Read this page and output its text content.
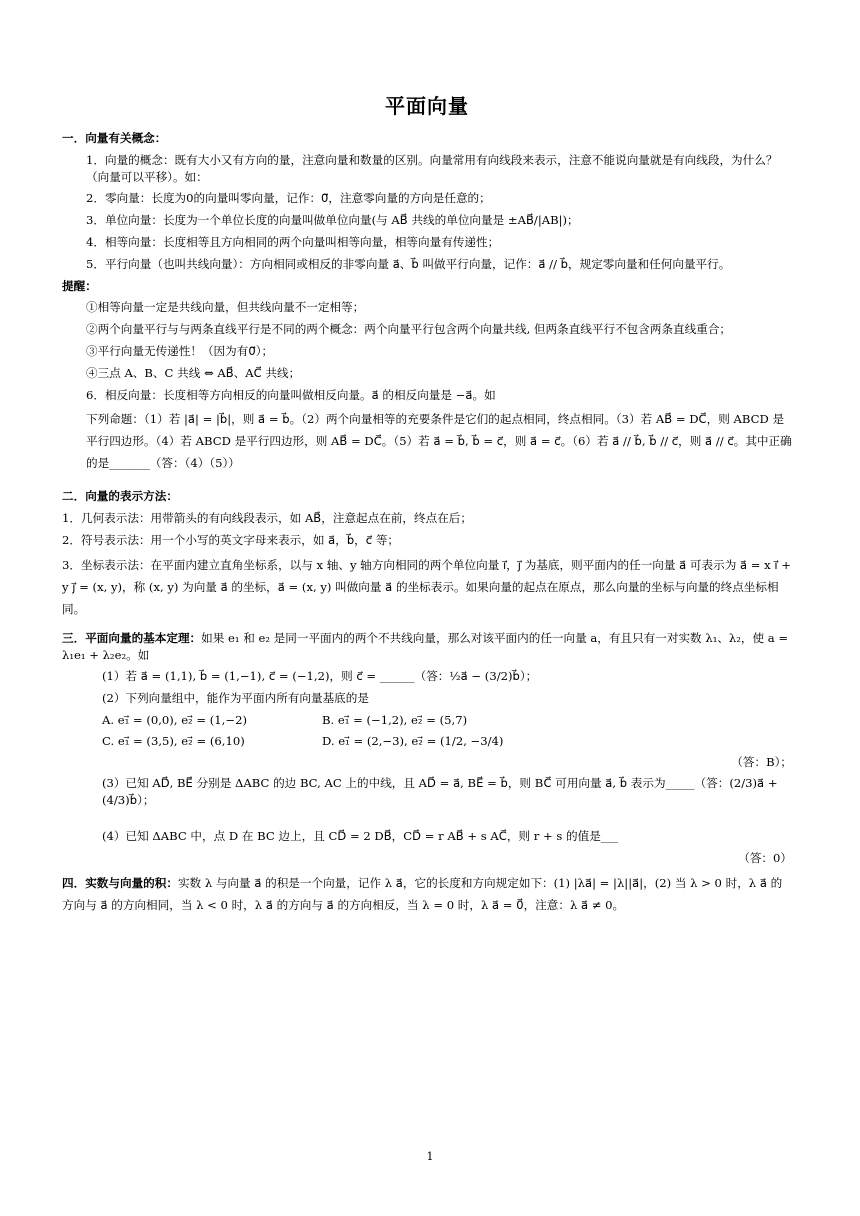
平面向量

一．向量有关概念：

1．向量的概念：既有大小又有方向的量，注意向量和数量的区别。向量常用有向线段来表示，注意不能说向量就是有向线段，为什么？（向量可以平移）。如：

2．零向量：长度为0的向量叫零向量，记作：0⃗，注意零向量的方向是任意的；

3．单位向量：长度为一个单位长度的向量叫做单位向量(与 AB⃗ 共线的单位向量是 ±AB⃗/|AB|)；

4．相等向量：长度相等且方向相同的两个向量叫相等向量，相等向量有传递性；

5．平行向量（也叫共线向量）：方向相同或相反的非零向量 a⃗、b⃗ 叫做平行向量，记作：a⃗ // b⃗，规定零向量和任何向量平行。

提醒：

①相等向量一定是共线向量，但共线向量不一定相等；

②两个向量平行与与两条直线平行是不同的两个概念：两个向量平行包含两个向量共线, 但两条直线平行不包含两条直线重合；

③平行向量无传递性！（因为有0⃗）；

④三点 A、B、C 共线 ⇔ AB⃗、AC⃗ 共线；

6．相反向量：长度相等方向相反的向量叫做相反向量。a⃗ 的相反向量是 −a⃗。如

下列命题：（1）若 |a⃗| = |b⃗|，则 a⃗ = b⃗。（2）两个向量相等的充要条件是它们的起点相同，终点相同。（3）若 AB⃗ = DC⃗，则 ABCD 是平行四边形。（4）若 ABCD 是平行四边形，则 AB⃗ = DC⃗。（5）若 a⃗ = b⃗, b⃗ = c⃗，则 a⃗ = c⃗。（6）若 a⃗ // b⃗, b⃗ // c⃗，则 a⃗ // c⃗。其中正确的是_______（答：（4）（5））

二．向量的表示方法：

1．几何表示法：用带箭头的有向线段表示，如 AB⃗，注意起点在前，终点在后；

2．符号表示法：用一个小写的英文字母来表示，如 a⃗，b⃗，c⃗ 等；

3．坐标表示法：在平面内建立直角坐标系，以与 x 轴、y 轴方向相同的两个单位向量 i⃗，j⃗ 为基底，则平面内的任一向量 a⃗ 可表示为 a⃗ = x i⃗ + y j⃗ = (x, y)，称 (x, y) 为向量 a⃗ 的坐标，a⃗ = (x, y) 叫做向量 a⃗ 的坐标表示。如果向量的起点在原点，那么向量的坐标与向量的终点坐标相同。

三．平面向量的基本定理：如果 e₁ 和 e₂ 是同一平面内的两个不共线向量，那么对该平面内的任一向量 a，有且只有一对实数 λ₁、λ₂，使 a = λ₁e₁ + λ₂e₂。如

(1）若 a⃗ = (1,1), b⃗ = (1,−1), c⃗ = (−1,2)，则 c⃗ = ______（答：½a⃗ − (3/2)b⃗）；

(2）下列向量组中，能作为平面内所有向量基底的是

A. e₁⃗ = (0,0), e₂⃗ = (1,−2)	B. e₁⃗ = (−1,2), e₂⃗ = (5,7)
C. e₁⃗ = (3,5), e₂⃗ = (6,10)	D. e₁⃗ = (2,−3), e₂⃗ = (1/2, −3/4)

（答：B）；

(3）已知 AD⃗, BE⃗ 分别是 ΔABC 的边 BC, AC 上的中线，且 AD⃗ = a⃗, BE⃗ = b⃗，则 BC⃗ 可用向量 a⃗, b⃗ 表示为_____（答：(2/3)a⃗ + (4/3)b⃗）；

(4）已知 ΔABC 中，点 D 在 BC 边上，且 CD⃗ = 2 DB⃗，CD⃗ = r AB⃗ + s AC⃗，则 r + s 的值是___

（答：0）

四．实数与向量的积：实数 λ 与向量 a⃗ 的积是一个向量，记作 λ a⃗，它的长度和方向规定如下：(1) |λa⃗| = |λ||a⃗|，(2) 当 λ > 0 时，λ a⃗ 的方向与 a⃗ 的方向相同，当 λ < 0 时，λ a⃗ 的方向与 a⃗ 的方向相反，当 λ = 0 时，λ a⃗ = 0⃗，注意：λ a⃗ ≠ 0。

1
